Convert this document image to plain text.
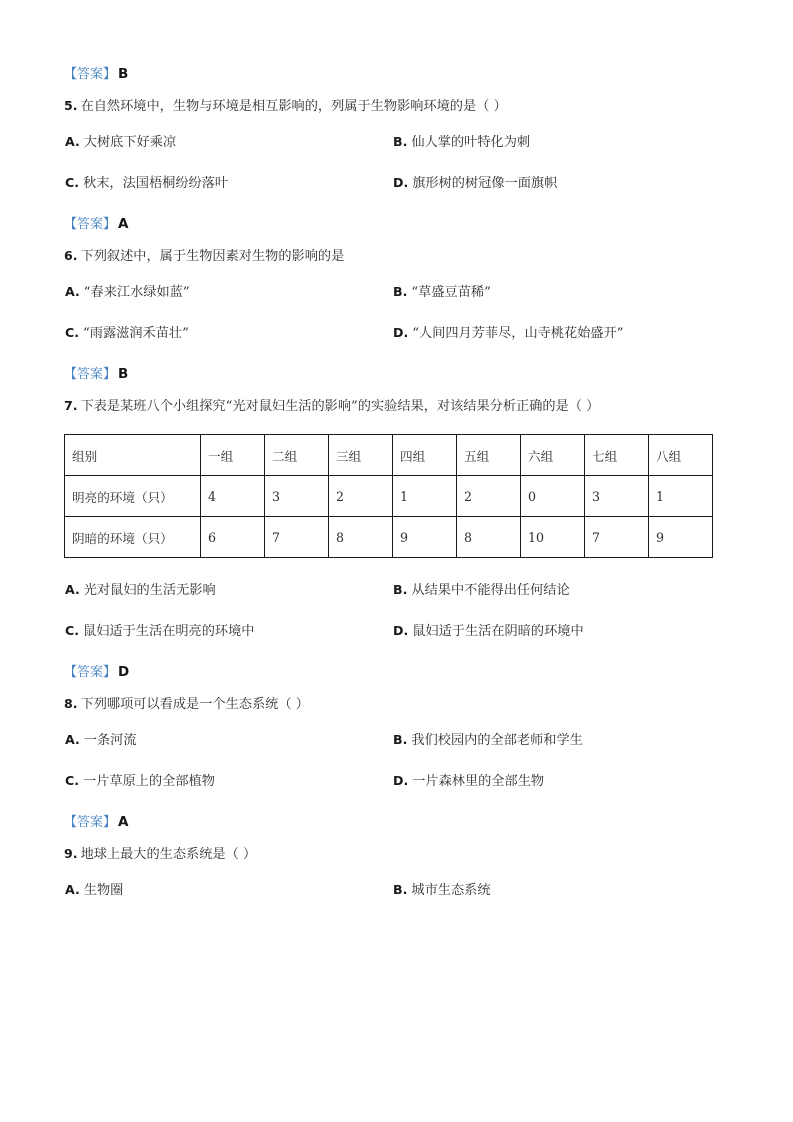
【答案】 B
5. 在自然环境中，生物与环境是相互影响的，列属于生物影响环境的是（ ）
A. 大树底下好乘凉	B. 仙人掌的叶特化为刺
C. 秋末，法国梧桐纷纷落叶	D. 旗形树的树冠像一面旗帜
【答案】 A
6. 下列叙述中，属于生物因素对生物的影响的是
A. “春来江水绿如蓝”	B. “草盛豆苗稀”
C. “雨露滋润禾苗壮”	D. “人间四月芳菲尽，山寺桃花始盛开”
【答案】 B
7. 下表是某班八个小组探究“光对鼠妇生活的影响”的实验结果，对该结果分析正确的是（ ）
组别	一组	二组	三组	四组	五组	六组	七组	八组
明亮的环境（只）	4	3	2	1	2	0	3	1
阴暗的环境（只）	6	7	8	9	8	10	7	9
A. 光对鼠妇的生活无影响	B. 从结果中不能得出任何结论
C. 鼠妇适于生活在明亮的环境中	D. 鼠妇适于生活在阴暗的环境中
【答案】 D
8. 下列哪项可以看成是一个生态系统（ ）
A. 一条河流	B. 我们校园内的全部老师和学生
C. 一片草原上的全部植物	D. 一片森林里的全部生物
【答案】 A
9. 地球上最大的生态系统是（ ）
A. 生物圈	B. 城市生态系统
